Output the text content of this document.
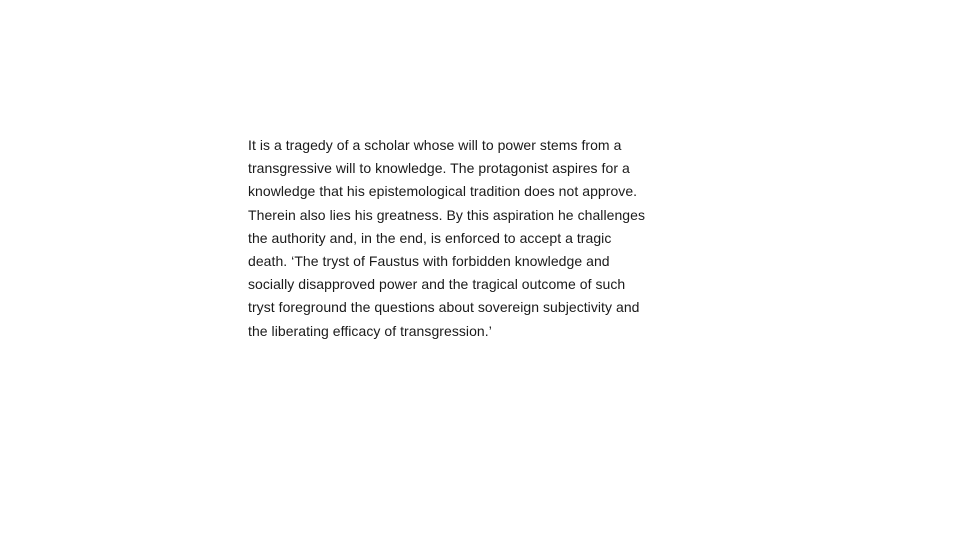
It is a tragedy of a scholar whose will to power stems from a
transgressive will to knowledge. The protagonist aspires for a
knowledge that his epistemological tradition does not approve.
Therein also lies his greatness. By this aspiration he challenges
the authority and, in the end, is enforced to accept a tragic
death. ‘The tryst of Faustus with forbidden knowledge and
socially disapproved power and the tragical outcome of such
tryst foreground the questions about sovereign subjectivity and
the liberating efficacy of transgression.’
